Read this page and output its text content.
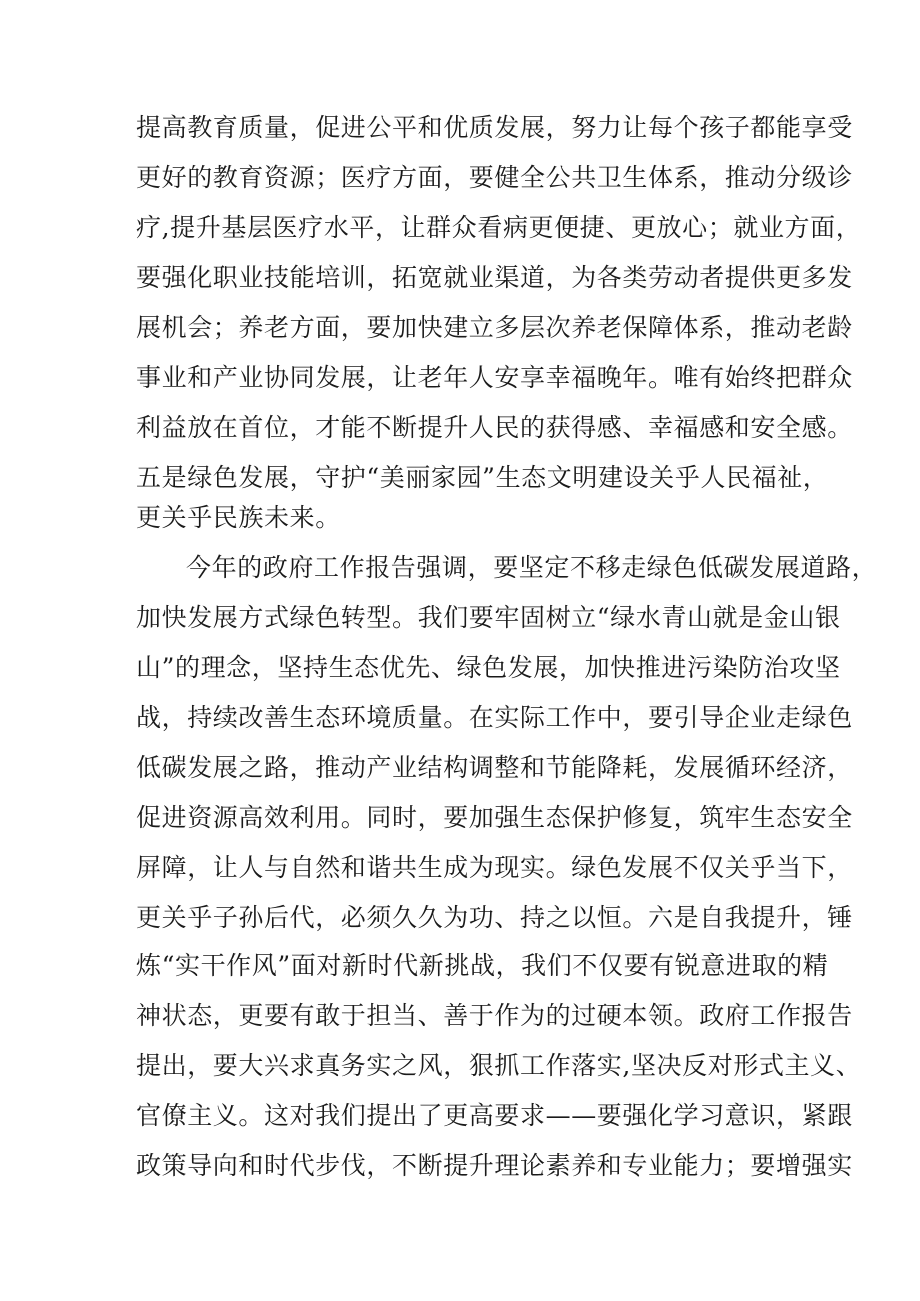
提高教育质量，促进公平和优质发展，努力让每个孩子都能享受

更好的教育资源；医疗方面，要健全公共卫生体系，推动分级诊

疗,提升基层医疗水平，让群众看病更便捷、更放心；就业方面，

要强化职业技能培训，拓宽就业渠道，为各类劳动者提供更多发

展机会；养老方面，要加快建立多层次养老保障体系，推动老龄

事业和产业协同发展，让老年人安享幸福晚年。唯有始终把群众

利益放在首位，才能不断提升人民的获得感、幸福感和安全感。

五是绿色发展，守护“美丽家园”生态文明建设关乎人民福祉，

更关乎民族未来。

今年的政府工作报告强调，要坚定不移走绿色低碳发展道路，

加快发展方式绿色转型。我们要牢固树立“绿水青山就是金山银

山”的理念，坚持生态优先、绿色发展，加快推进污染防治攻坚

战，持续改善生态环境质量。在实际工作中，要引导企业走绿色

低碳发展之路，推动产业结构调整和节能降耗，发展循环经济，

促进资源高效利用。同时，要加强生态保护修复，筑牢生态安全

屏障，让人与自然和谐共生成为现实。绿色发展不仅关乎当下，

更关乎子孙后代，必须久久为功、持之以恒。六是自我提升，锤

炼“实干作风”面对新时代新挑战，我们不仅要有锐意进取的精

神状态，更要有敢于担当、善于作为的过硬本领。政府工作报告

提出，要大兴求真务实之风，狠抓工作落实,坚决反对形式主义、

官僚主义。这对我们提出了更高要求——要强化学习意识，紧跟

政策导向和时代步伐，不断提升理论素养和专业能力；要增强实
